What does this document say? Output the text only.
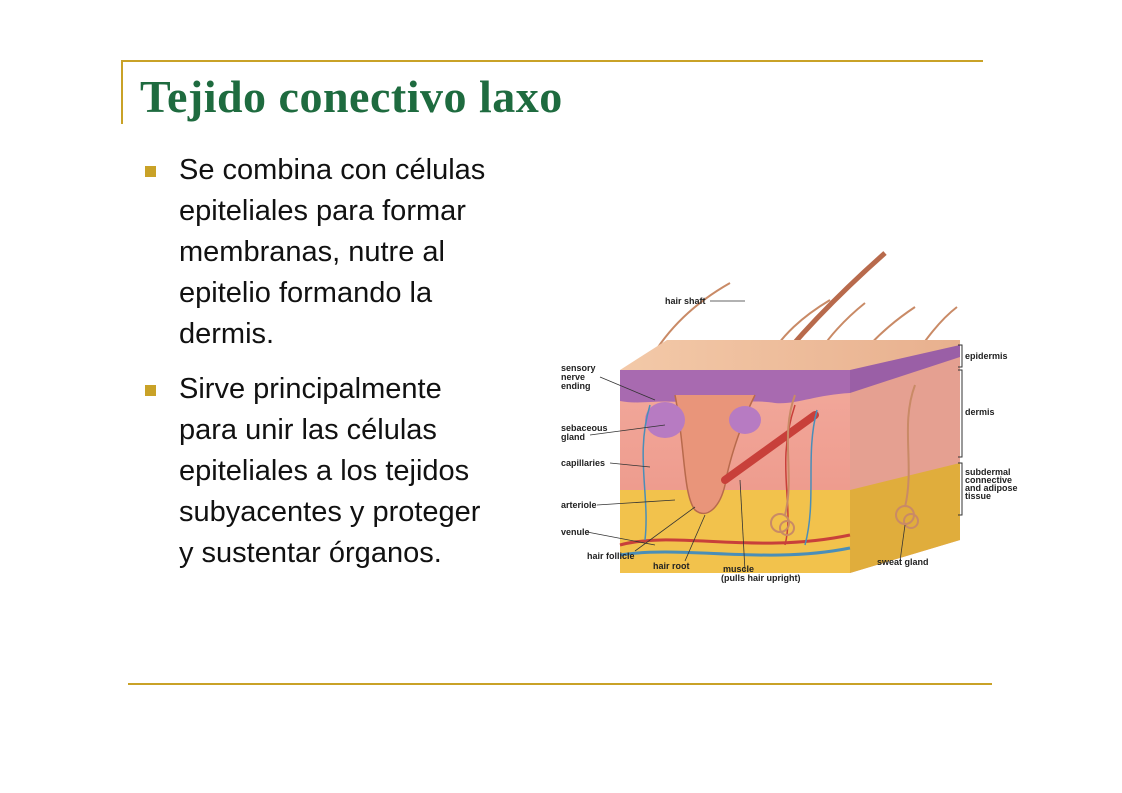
Tejido conectivo laxo
Se combina con células
epiteliales para formar
membranas, nutre al
epitelio formando la
dermis.
Sirve principalmente
para unir las células
epiteliales a los tejidos
subyacentes y proteger
y sustentar órganos.
hair shaft
sensory
nerve
ending
sebaceous
gland
capillaries
arteriole
venule
hair follicle
hair root	muscle
(pulls hair upright)
sweat gland
epidermis
dermis
subdermal
connective
and adipose
tissue
